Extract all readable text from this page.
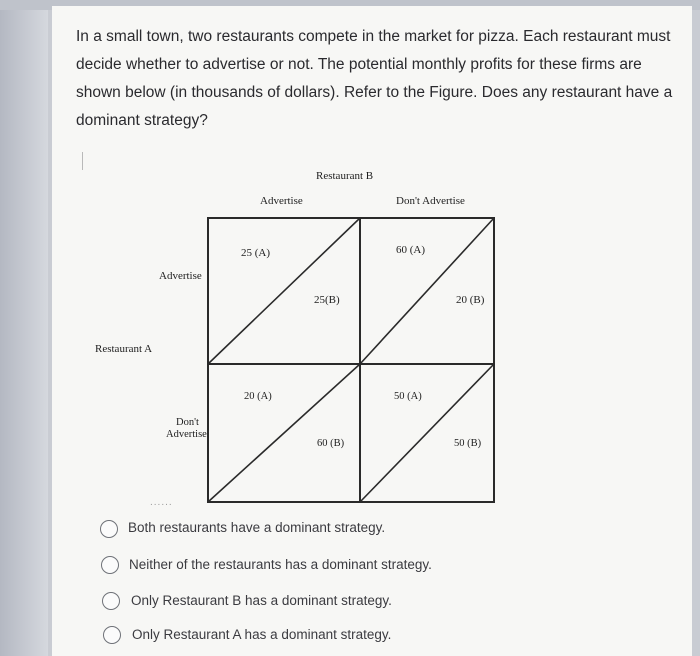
In a small town, two restaurants compete in the market for pizza. Each restaurant must decide whether to advertise or not. The potential monthly profits for these firms are shown below (in thousands of dollars). Refer to the Figure. Does any restaurant have a dominant strategy?

Restaurant B
Advertise	Don't Advertise
Restaurant A
Advertise
Don't
Advertise
25 (A)
25(B)
60 (A)
20 (B)
20 (A)
60 (B)
50 (A)
50 (B)
......
Both restaurants have a dominant strategy.
Neither of the restaurants has a dominant strategy.
Only Restaurant B has a dominant strategy.
Only Restaurant A has a dominant strategy.
